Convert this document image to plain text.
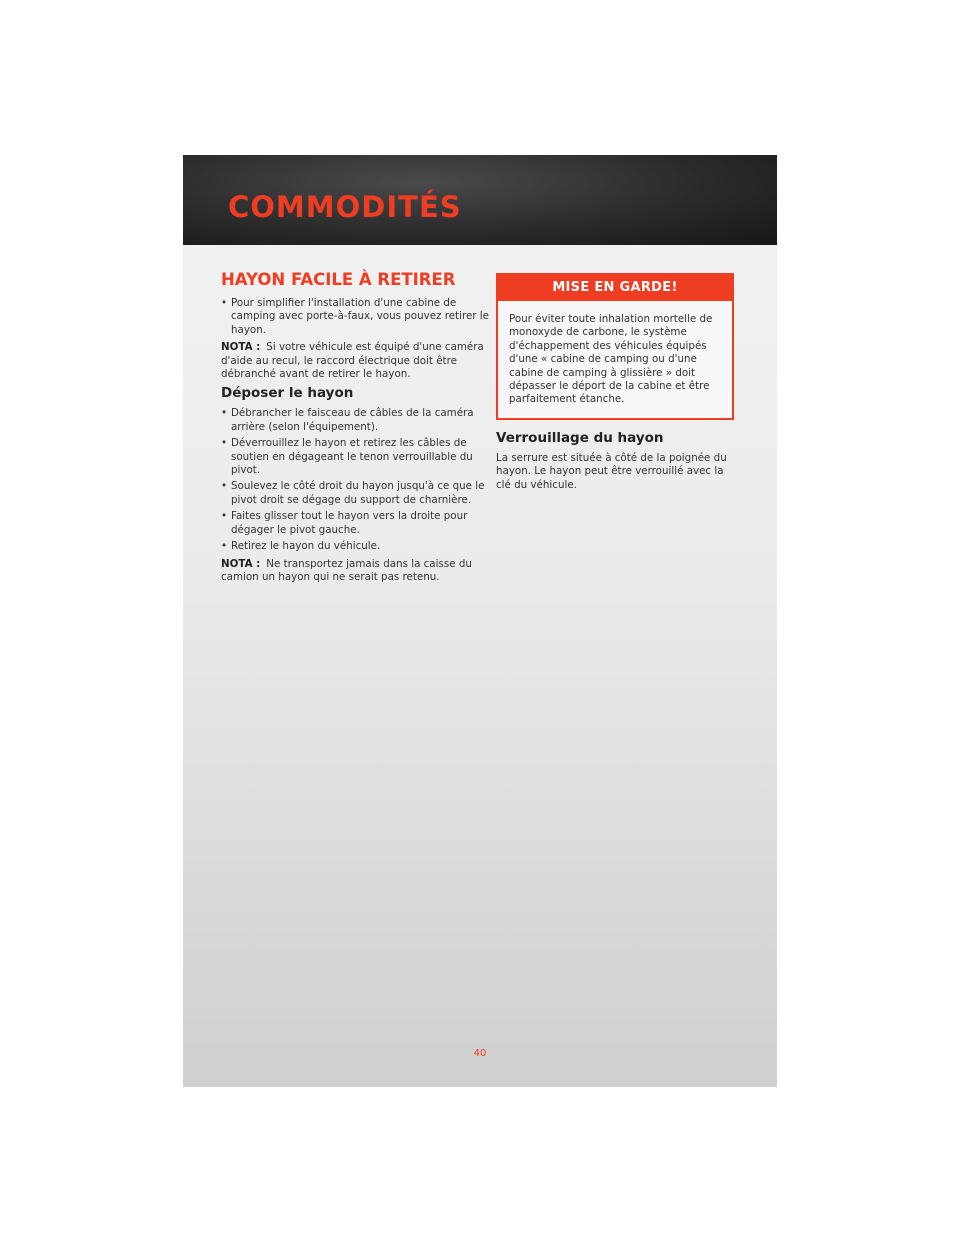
COMMODITÉS
HAYON FACILE À RETIRER
• Pour simplifier l'installation d'une cabine de camping avec porte-à-faux, vous pouvez retirer le hayon.
NOTA : Si votre véhicule est équipé d'une caméra d'aide au recul, le raccord électrique doit être débranché avant de retirer le hayon.
Déposer le hayon
• Débrancher le faisceau de câbles de la caméra arrière (selon l'équipement).
• Déverrouillez le hayon et retirez les câbles de soutien en dégageant le tenon verrouillable du pivot.
• Soulevez le côté droit du hayon jusqu'à ce que le pivot droit se dégage du support de charnière.
• Faites glisser tout le hayon vers la droite pour dégager le pivot gauche.
• Retirez le hayon du véhicule.
NOTA : Ne transportez jamais dans la caisse du camion un hayon qui ne serait pas retenu.
MISE EN GARDE!
Pour éviter toute inhalation mortelle de monoxyde de carbone, le système d'échappement des véhicules équipés d'une « cabine de camping ou d'une cabine de camping à glissière » doit dépasser le déport de la cabine et être parfaitement étanche.
Verrouillage du hayon

La serrure est située à côté de la poignée du hayon. Le hayon peut être verrouillé avec la clé du véhicule.

40
